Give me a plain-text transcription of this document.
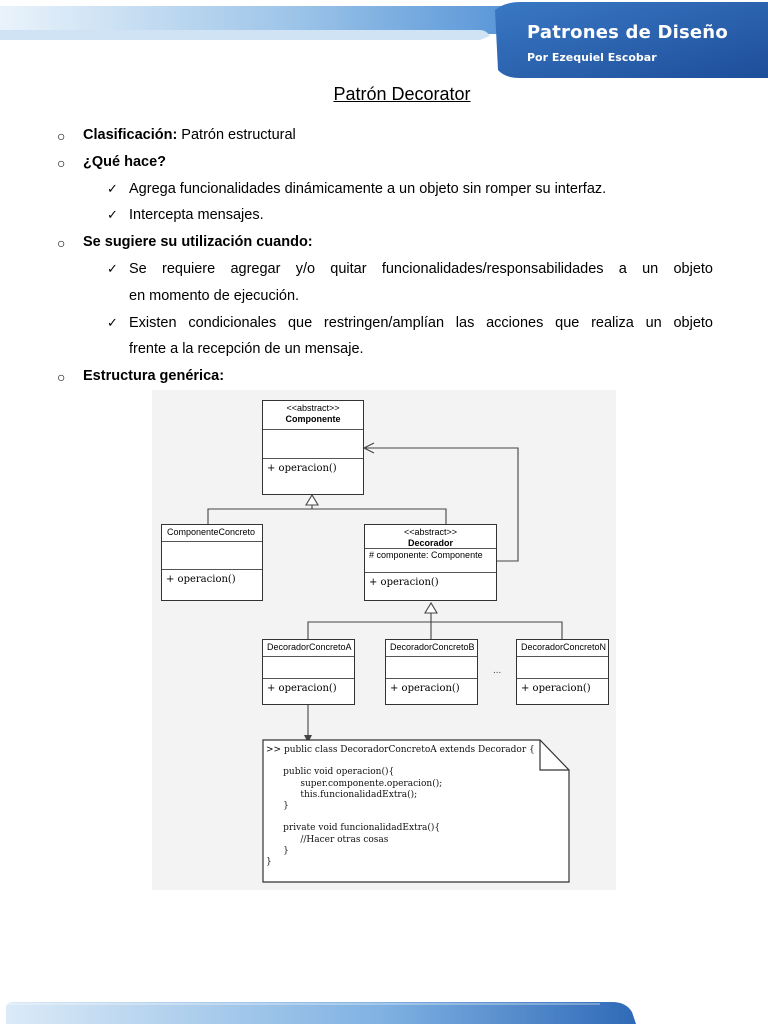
Patrones de Diseño
Por Ezequiel Escobar
Patrón Decorator
○ Clasificación: Patrón estructural
○ ¿Qué hace?
✓ Agrega funcionalidades dinámicamente a un objeto sin romper su interfaz.
✓ Intercepta mensajes.
○ Se sugiere su utilización cuando:
✓ Se requiere agregar y/o quitar funcionalidades/responsabilidades a un objeto
en momento de ejecución.
✓ Existen condicionales que restringen/amplían las acciones que realiza un objeto
frente a la recepción de un mensaje.
○ Estructura genérica:
<<abstract>>
Componente
+ operacion()
ComponenteConcreto
+ operacion()
<<abstract>>
Decorador
# componente: Componente
+ operacion()
DecoradorConcretoA
+ operacion()
DecoradorConcretoB
+ operacion()
...
DecoradorConcretoN
+ operacion()
>> public class DecoradorConcretoA extends Decorador {

public void operacion(){
super.componente.operacion();
this.funcionalidadExtra();
}

private void funcionalidadExtra(){
//Hacer otras cosas
}
}
